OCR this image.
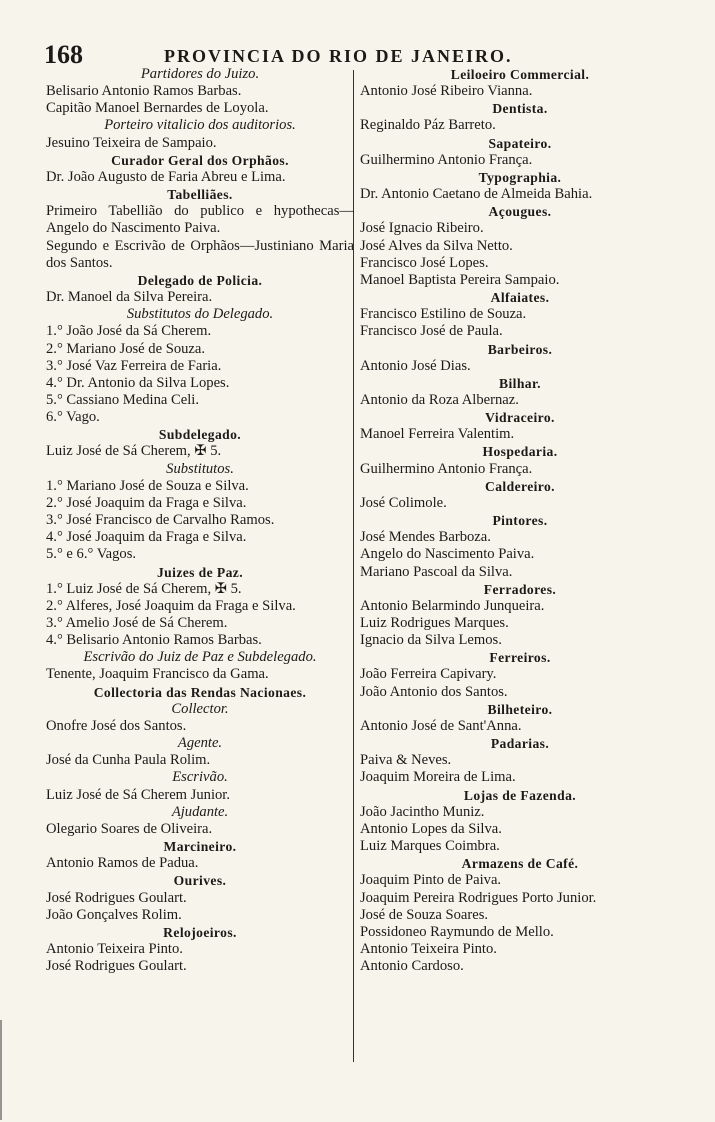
168	PROVINCIA DO RIO DE JANEIRO.
Partidores do Juizo.
Belisario Antonio Ramos Barbas.
Capitão Manoel Bernardes de Loyola.
Porteiro vitalicio dos auditorios.
Jesuino Teixeira de Sampaio.
Curador Geral dos Orphãos.
Dr. João Augusto de Faria Abreu e Lima.
Tabelliães.
Primeiro Tabellião do publico e hypothecas—Angelo do Nascimento Paiva.
Segundo e Escrivão de Orphãos—Justiniano Maria dos Santos.
Delegado de Policia.
Dr. Manoel da Silva Pereira.
Substitutos do Delegado.
1.° João José da Sá Cherem.
2.° Mariano José de Souza.
3.° José Vaz Ferreira de Faria.
4.° Dr. Antonio da Silva Lopes.
5.° Cassiano Medina Celi.
6.° Vago.
Subdelegado.
Luiz José de Sá Cherem, ✠ 5.
Substitutos.
1.° Mariano José de Souza e Silva.
2.° José Joaquim da Fraga e Silva.
3.° José Francisco de Carvalho Ramos.
4.° José Joaquim da Fraga e Silva.
5.° e 6.° Vagos.
Juizes de Paz.
1.° Luiz José de Sá Cherem, ✠ 5.
2.° Alferes, José Joaquim da Fraga e Silva.
3.° Amelio José de Sá Cherem.
4.° Belisario Antonio Ramos Barbas.
Escrivão do Juiz de Paz e Subdelegado.
Tenente, Joaquim Francisco da Gama.
Collectoria das Rendas Nacionaes.
Collector.
Onofre José dos Santos.
Agente.
José da Cunha Paula Rolim.
Escrivão.
Luiz José de Sá Cherem Junior.
Ajudante.
Olegario Soares de Oliveira.
Marcineiro.
Antonio Ramos de Padua.
Ourives.
José Rodrigues Goulart.
João Gonçalves Rolim.
Relojoeiros.
Antonio Teixeira Pinto.
José Rodrigues Goulart.
Leiloeiro Commercial.
Antonio José Ribeiro Vianna.
Dentista.
Reginaldo Páz Barreto.
Sapateiro.
Guilhermino Antonio França.
Typographia.
Dr. Antonio Caetano de Almeida Bahia.
Açougues.
José Ignacio Ribeiro.
José Alves da Silva Netto.
Francisco José Lopes.
Manoel Baptista Pereira Sampaio.
Alfaiates.
Francisco Estilino de Souza.
Francisco José de Paula.
Barbeiros.
Antonio José Dias.
Bilhar.
Antonio da Roza Albernaz.
Vidraceiro.
Manoel Ferreira Valentim.
Hospedaria.
Guilhermino Antonio França.
Caldereiro.
José Colimole.
Pintores.
José Mendes Barboza.
Angelo do Nascimento Paiva.
Mariano Pascoal da Silva.
Ferradores.
Antonio Belarmindo Junqueira.
Luiz Rodrigues Marques.
Ignacio da Silva Lemos.
Ferreiros.
João Ferreira Capivary.
João Antonio dos Santos.
Bilheteiro.
Antonio José de Sant'Anna.
Padarias.
Paiva & Neves.
Joaquim Moreira de Lima.
Lojas de Fazenda.
João Jacintho Muniz.
Antonio Lopes da Silva.
Luiz Marques Coimbra.
Armazens de Café.
Joaquim Pinto de Paiva.
Joaquim Pereira Rodrigues Porto Junior.
José de Souza Soares.
Possidoneo Raymundo de Mello.
Antonio Teixeira Pinto.
Antonio Cardoso.
